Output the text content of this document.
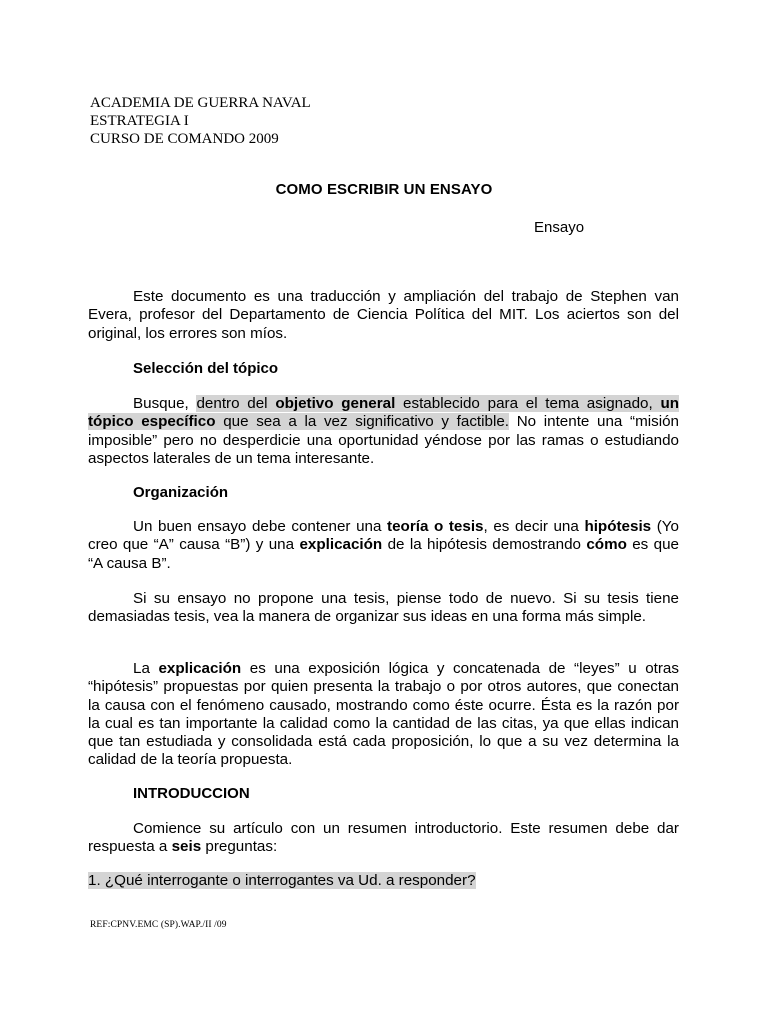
ACADEMIA DE GUERRA NAVAL
ESTRATEGIA I
CURSO DE COMANDO 2009
COMO ESCRIBIR UN ENSAYO
Ensayo

Este documento es una traducción y ampliación del trabajo de Stephen van Evera, profesor del Departamento de Ciencia Política del MIT. Los aciertos son del original, los errores son míos.

Selección del tópico

Busque, dentro del objetivo general establecido para el tema asignado, un tópico específico que sea a la vez significativo y factible. No intente una “misión imposible” pero no desperdicie una oportunidad yéndose por las ramas o estudiando aspectos laterales de un tema interesante.

Organización

Un buen ensayo debe contener una teoría o tesis, es decir una hipótesis (Yo creo que “A” causa “B”) y una explicación de la hipótesis demostrando cómo es que “A causa B”.

Si su ensayo no propone una tesis, piense todo de nuevo. Si su tesis tiene demasiadas tesis, vea la manera de organizar sus ideas en una forma más simple.

La explicación es una exposición lógica y concatenada de “leyes” u otras “hipótesis” propuestas por quien presenta la trabajo o por otros autores, que conectan la causa con el fenómeno causado, mostrando como éste ocurre. Ésta es la razón por la cual es tan importante la calidad como la cantidad de las citas, ya que ellas indican que tan estudiada y consolidada está cada proposición, lo que a su vez determina la calidad de la teoría propuesta.

INTRODUCCION

Comience su artículo con un resumen introductorio. Este resumen debe dar respuesta a seis preguntas:

1. ¿Qué interrogante o interrogantes va Ud. a responder?

REF:CPNV.EMC (SP).WAP./II /09
